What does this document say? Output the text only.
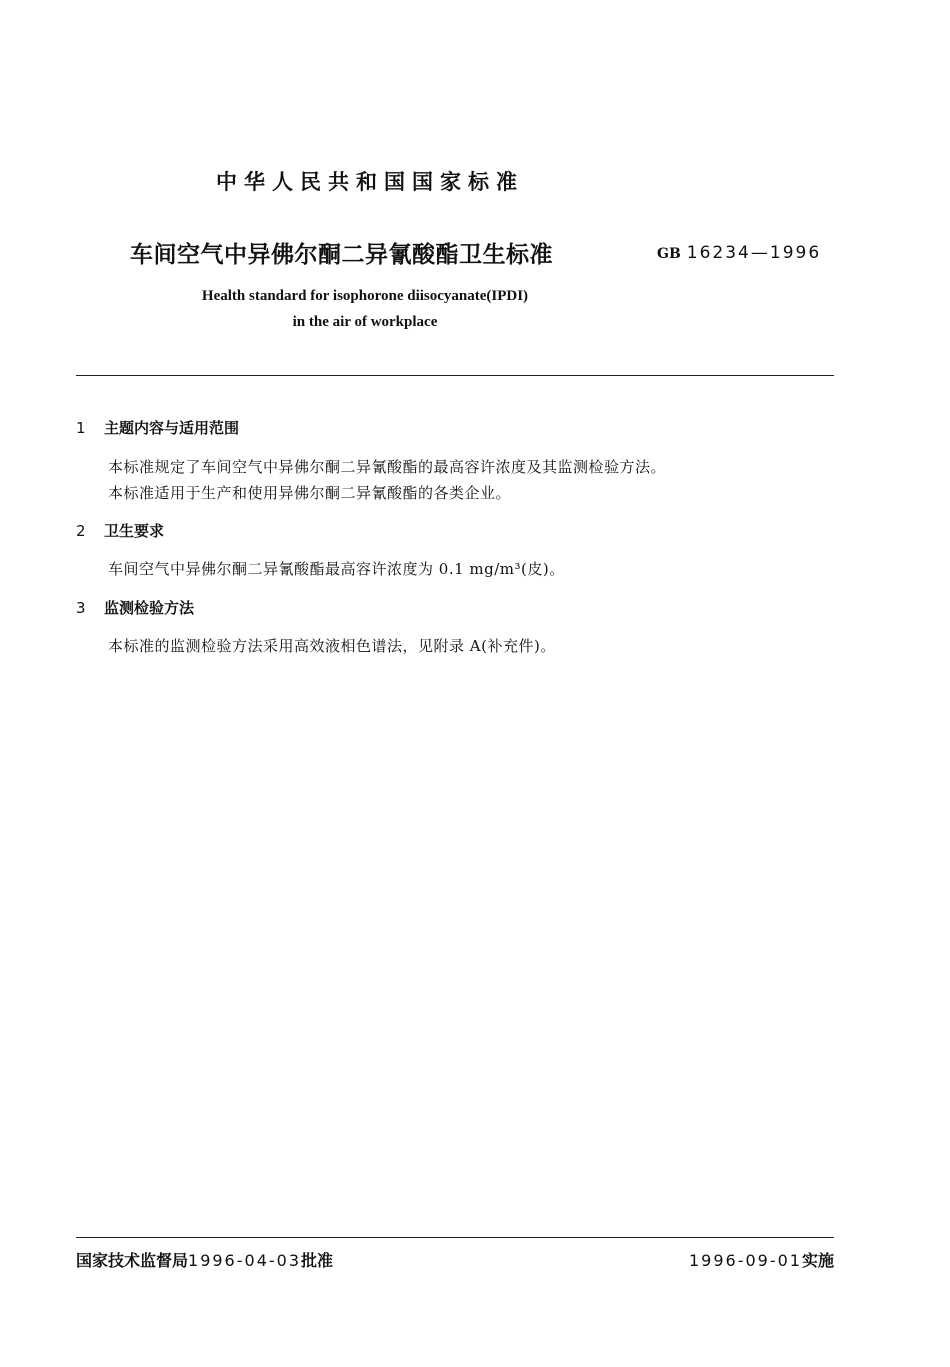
中华人民共和国国家标准
车间空气中异佛尔酮二异氰酸酯卫生标准	GB 16234—1996
Health standard for isophorone diisocyanate(IPDI)
in the air of workplace
1 主题内容与适用范围
本标准规定了车间空气中异佛尔酮二异氰酸酯的最高容许浓度及其监测检验方法。
本标准适用于生产和使用异佛尔酮二异氰酸酯的各类企业。
2 卫生要求
车间空气中异佛尔酮二异氰酸酯最高容许浓度为 0.1 mg/m³(皮)。
3 监测检验方法
本标准的监测检验方法采用高效液相色谱法，见附录 A(补充件)。
国家技术监督局1996-04-03批准	1996-09-01实施
